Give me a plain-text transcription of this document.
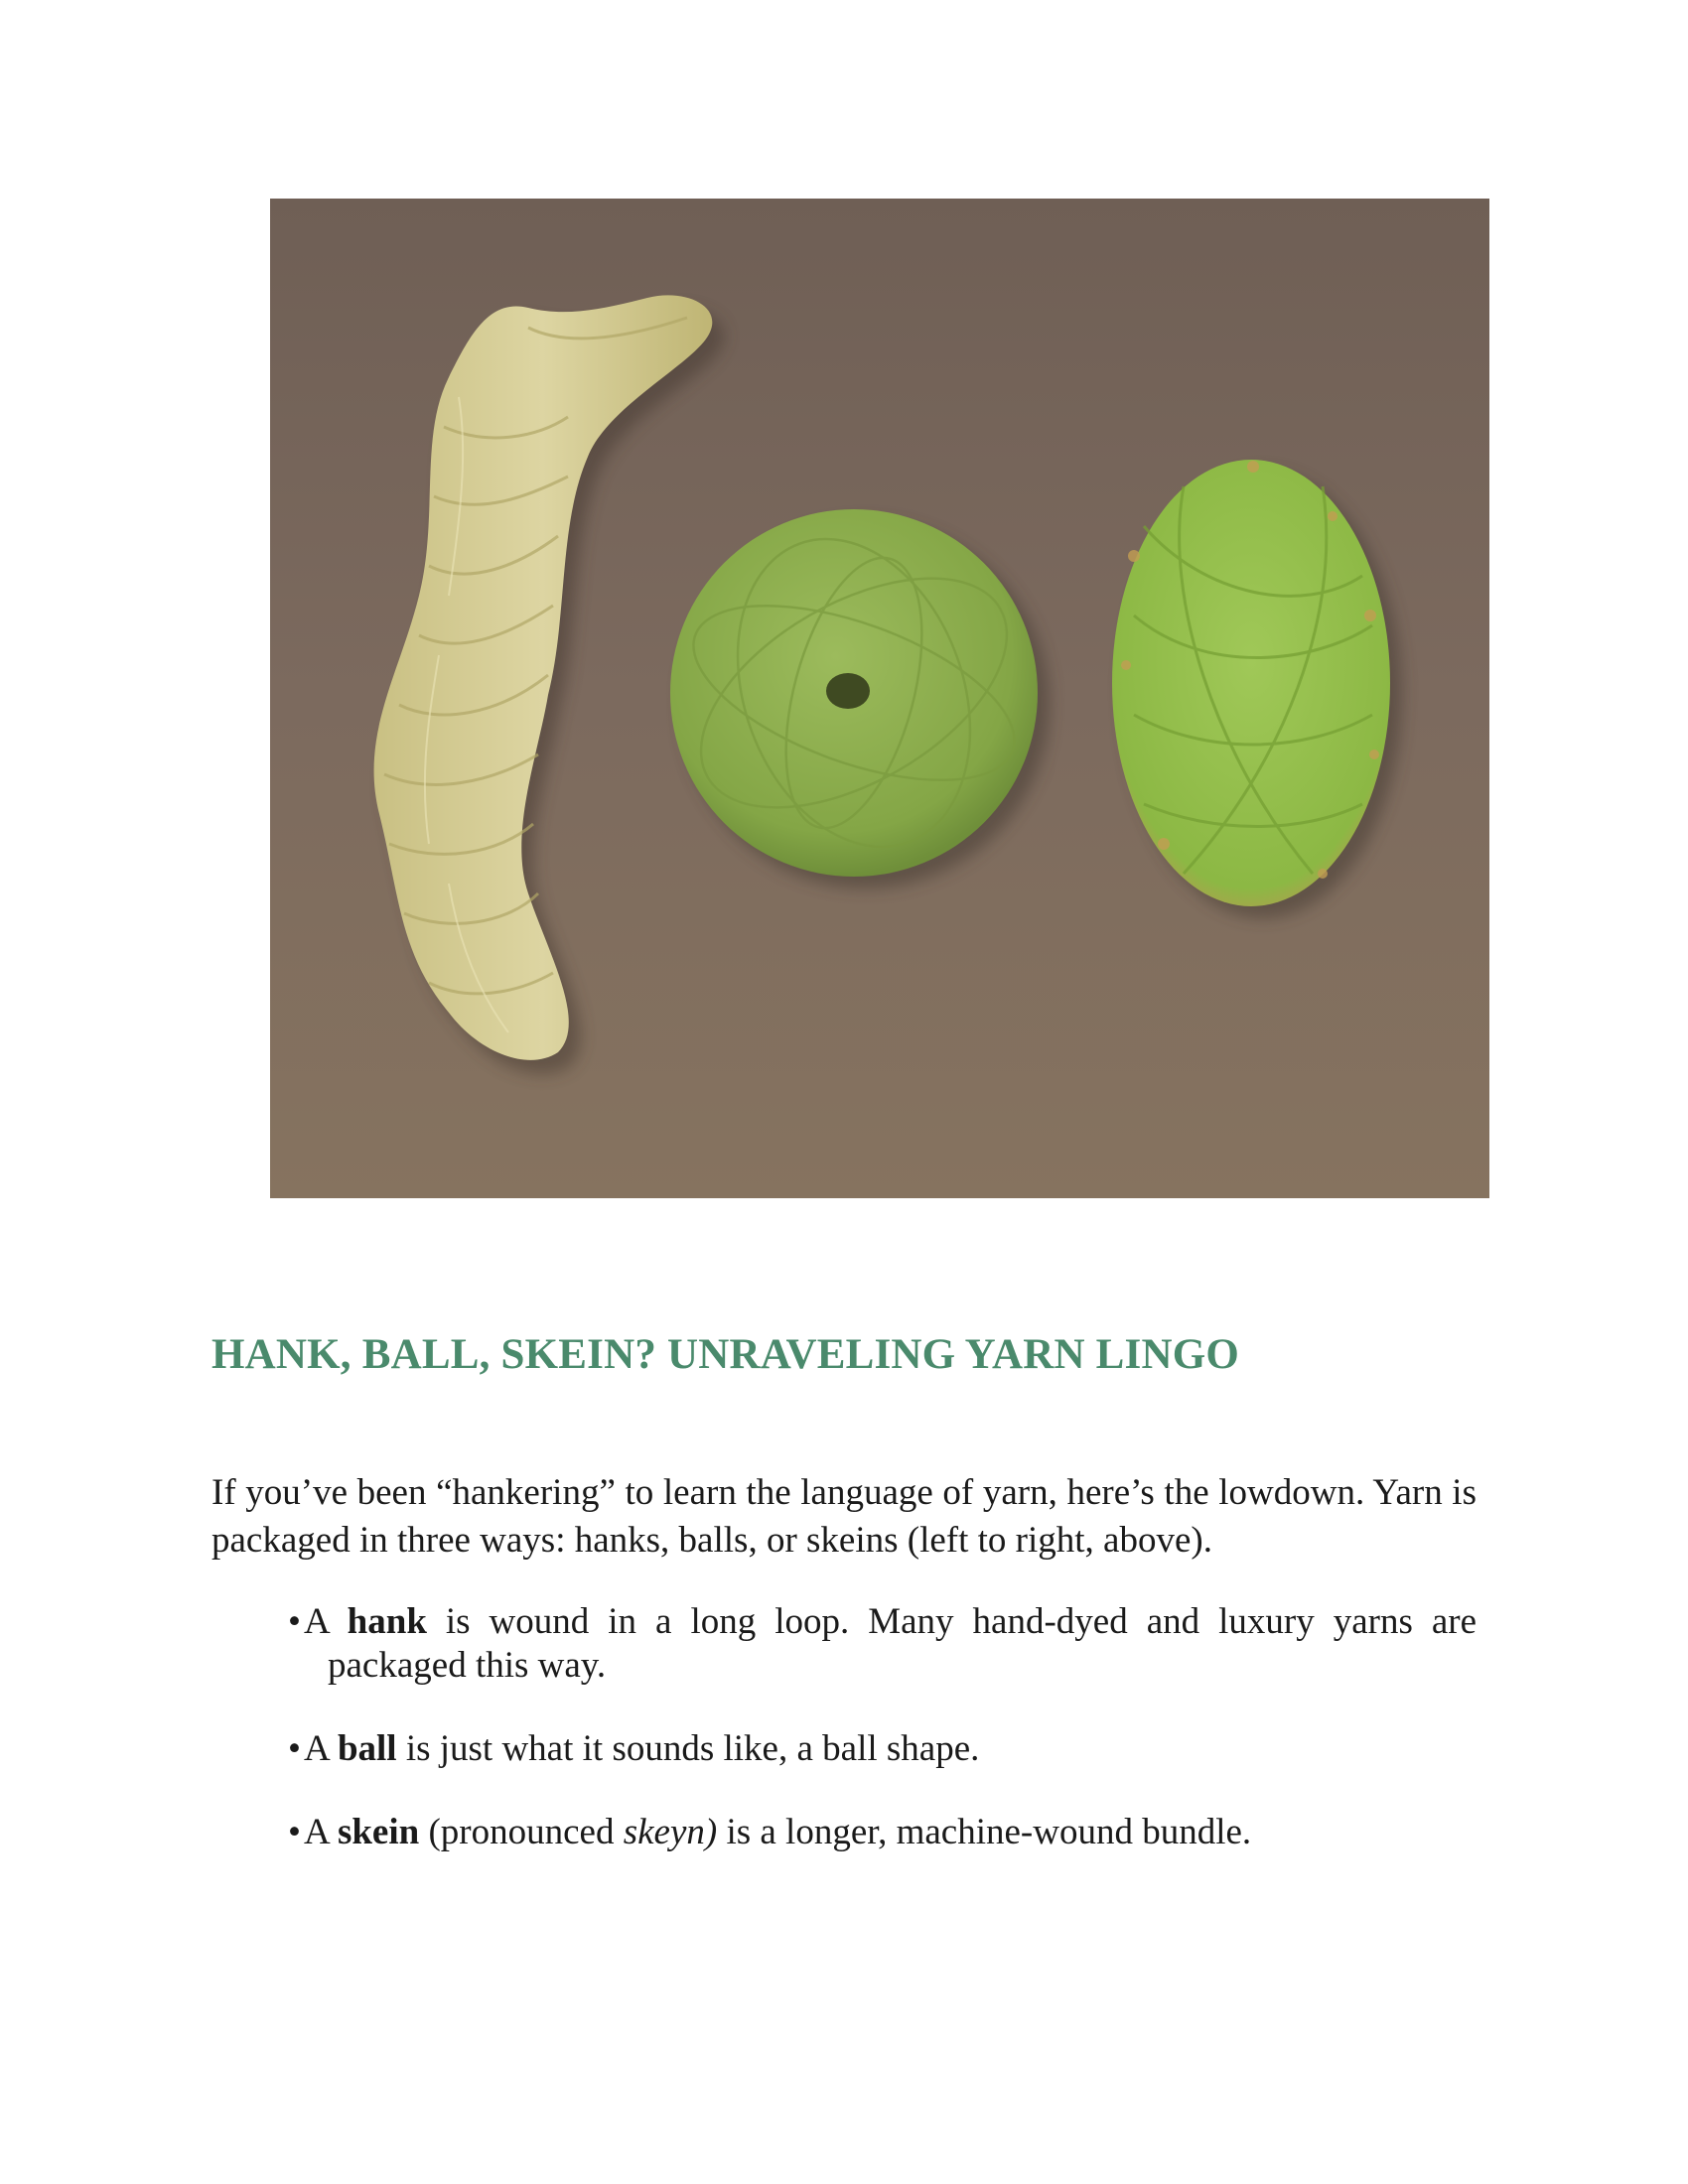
HANK, BALL, SKEIN? UNRAVELING YARN LINGO

If you’ve been “hankering” to learn the language of yarn, here’s the lowdown. Yarn is packaged in three ways: hanks, balls, or skeins (left to right, above).

•A hank is wound in a long loop. Many hand-dyed and luxury yarns are packaged this way.
•A ball is just what it sounds like, a ball shape.
•A skein (pronounced skeyn) is a longer, machine-wound bundle.
